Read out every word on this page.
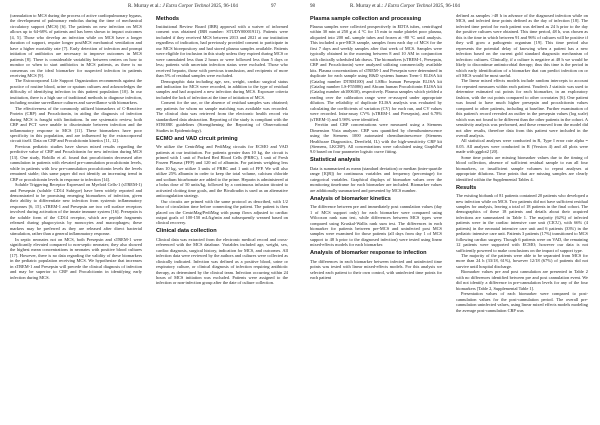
R. Murray et al.: J Extra Corpor Technol 2025, 96-104	97

(cannulation to MCS during the process of active cardiopulmonary bypass, the development of pulmonary embolus during the time of mechanical circulatory support (MCS) [6]. The patients on new infection on MCS allows up to 64-68% of patients and has been shown to impact outcomes [4, 5]. Those who develop an infection while on MCS have a longer duration of support, require longer postMCS mechanical ventilation and have a higher mortality rate [7]. Early detection of infection and prompt initiation of antibiotics are necessary to improve outcomes in MCS patients [8]. There is considerable variability between centers on how to monitor or when to start antibiotics in MCS patients, as there is no consensus on the ideal biomarker for suspected infection in patients receiving MCS [9].

The Extracorporeal Life Support Organization recommends against the practice of routine blood, urine or sputum cultures and acknowledges the difficulty of identifying infection in this patient population [10]. In our institution, there is a high use of traditional methods to diagnose infection, including routine surveillance cultures and surveillance with biomarkers.

The effectiveness of the commonly utilized biomarkers of C-Reactive Protein (CRP) and Procalcitonin, in aiding the diagnosis of infection during MCS is fraught with limitations. In one systematic review, both CRP and PCT were unable to discriminate between infection and the inflammatory response to MCS [11]. These biomarkers have poor specificity in this population, and are influenced by the extracorporeal circuit itself. Data on CRP and Procalcitonin kinetics [11, 12].

Previous pediatric studies have shown mixed results regarding the predictive value of CRP and Procalcitonin for new infection during MCS [13]. One study, Bobillo et al. found that procalcitonin decreased after cannulation in patients with elevated pre-cannulation procalcitonin levels, while in patients with low pre-cannulation procalcitonin levels the levels remained stable; this same paper did not identify an increasing trend in CRP or procalcitonin levels in response to infection [14].

Soluble Triggering Receptor Expressed on Myeloid Cells-1 (sTREM-1) and Presepsin (soluble CD14 Subtype) have been widely reported and demonstrated to be promising emerging biomarkers of infection, given their ability to differentiate new infection from systemic inflammatory responses [6, 15]. sTREM-1 and Presepsin are two cell surface receptors involved during activation of the innate immune system [16]. Presepsin is the soluble form of the CD14 receptor, which are peptide fragments released during phagocytosis by monocytes and macrophages; these markers may be preferred as they are released after direct bacterial stimulation, rather than a general inflammatory response.

In septic neonates not on MCS, both Presepsin and sTREM-1 were significantly elevated compared to non-septic neonates; they also showed the highest mean concentrations in neonates with positive blood cultures [17]. However, there is no data regarding the validity of these biomarkers in the pediatric population receiving MCS. We hypothesize that increases in sTREM-1 and Presepsin will precede the clinical diagnosis of infection and may be superior to CRP and Procalcitonin in identifying early infection during MCS.

Methods

Institutional Review Board (IRB) approval with a waiver of informed consent was obtained (IRB number: STUDY00001911). Patients were included if they received MCS between 2013 and 2021 at our institution regardless of indication, had previously provided consent to participate in our MCS biorepository and had stored plasma samples available. Patients were eligible for inclusion in this study unless they expired during MCS or were cannulated less than 2 hours or were followed less than 5 days or less; patients with uncertain infection status were excluded. Those who received heparin, those with previous transfusion, and recipients of more than 5% of residual samples were excluded.

Demographic data including age, sex, weight, cardiac surgical status and indication for MCS were recorded, in addition to the type of residual samples and had acquired a new infection during MCS. Exposure criteria included the lack of infection at the time of initiation of MCS.

Consent for the use, or the absence of residual samples was obtained; any patients for whom no sample matching was available was recorded. The clinical data was retrieved from the electronic health record via standardized data abstraction. Reporting of the study is compliant with the STROBE guidelines (Strengthening the Reporting of Observational Studies in Epidemiology).

ECMO and VAD circuit priming

We utilize the CentriMag and PediMag circuits for ECMO and VAD patients at our institution. For patients greater than 10 kg, the circuit is primed with 1 unit of Packed Red Blood Cells (PRBC), 1 unit of Fresh Frozen Plasma (FFP) and 120 ml of albumin. For patients weighing less than 10 kg, we utilize 3 units of PRBC and 1 unit of FFP. We will also utilize 25% albumin in order to keep the total volume, calcium chloride and sodium bicarbonate are added to the prime. Heparin is administered at a bolus dose of 50 units/kg, followed by a continuous infusion titrated to activated clotting time goals, and the Bivalirudin is used as an alternative anticoagulation strategy.

Our circuits are primed with the same protocol as described, with 1/2 hour of circulation time before connecting the patient. The patient is then placed on the CentriMag/PediMag with pump flows adjusted to cardiac output goals of 100-150 mL/kg/min and subsequently weaned based on clinical recovery.

Clinical data collection

Clinical data was extracted from the electronic medical record and cross-referenced with the MCS database. Variables included age, weight, sex, cardiac diagnosis, surgical history, indication for MCS, and outcomes. All infection data were reviewed by the authors and cultures were collected as clinically indicated. Infection was defined as a positive blood, urine or respiratory culture, or clinical diagnosis of infection requiring antibiotic therapy, as determined by the clinical team. Infection occurring within 24 hours of MCS initiation was excluded. Patients were assigned to the infection or non-infection group after the date of culture collection.

98	R. Murray et al.: J Extra Corpor Technol 2025, 96-104
Plasma sample collection and processing

Plasma samples were collected prospectively in EDTA tubes, centrifuged within 30 min at 250 g at 4 °C for 15 min to make platelet poor plasma, aliquoted into 200 mL sample tubes and frozen at -80 °C until analysis. This included a pre-MCS sample, samples from each day of MCS for the first 7 days and weekly samples after that week of MCS. Samples were typically obtained in the morning between 8 and 10 AM in conjunction with clinically scheduled lab draws. The biomarkers (sTREM-1, Presepsin, CRP and Procalcitonin) were analyzed utilizing commercially available kits. Plasma concentrations of sTREM-1 and Presepsin were determined in duplicate for each sample using R&D systems human Trem-1 ELISA kit (Catalog number DTRM100) and LSBio human Presepsin ELISA kit (Catalog number LS-F55086) and Abcam human Procalcitonin ELISA kit (Catalog number ab100630), respectively. Plasma samples which yielded a reading over the calibration range were re-assayed under appropriate dilution. The reliability of duplicate ELISA analysis was evaluated by calculating the coefficients of variation (CV) for each run, and CV values were recorded. Intra-assay CV% (sTREM-1 and Presepsin), and 6.78% (sTREM-1) and 5.98% were identified.

Ferritin and CRP concentrations were measured using a Siemens Dimension Vista analyzer. CRP was quantified by chemiluminescence using the Siemens 1000 automated chemiluminescence (Siemens Healthcare Diagnostics, Deerfield, IL) with the high-sensitivity CRP kit (Siemens, LKCRP). All concentrations were calculated using GraphPad 9.0 based on four parameter logistic curve fitting.

Statistical analysis

Data is summarized as mean (standard deviation) or median (inter-quartile range [IQR]) for continuous variables and frequency (percentage) for categorical variables. Graphical displays of biomarker values over the monitoring timeframe for each biomarker are included. Biomarker values are additionally summarized and presented by MCS number.

Analysis of biomarker kinetics

The difference between pre and immediately post cannulation values (day 1 of MCS support only) for each biomarker were compared using Wilcoxon rank sum test, while differences between MCS types were compared using Kruskal-Wallis rank sum test. The differences in each biomarker for patients between pre-MCS and uninfected post MCS samples were examined for those patients (all days from day 1 of MCS support to 48 h prior to the diagnosed infection) were tested using linear mixed-effects models for each biomarker.

Analysis of biomarker response to infection

The differences in each biomarker between infected and uninfected time points was tested with linear mixed-effects models. For this analysis we selected each patient to their own control, with uninfected time points for each patient

defined as samples >48 h in advance of the diagnosed infection while on MCS, and infected time points defined as the day of infection [18]. The infected time period for each patient was defined as 24 h prior to the day the positive cultures were obtained. This time period, 48 h, was chosen as this is the time in which between 91 and 96% of cultures will be positive if they will grow a pathogenic organism [19]. This time period also represents the potential delay of knowing when a patient has a new infection based on the current gold standard diagnostic mechanism of infection: cultures. Clinically, if a culture is negative at 48 h we would be likely to discontinue antimicrobial therapy; thus this time is the period in which early identification of a biomarker that can predict infection on or off MCS would be most useful.

The linear mixed effects models include random intercepts to account for repeated measures within each patient. Youden's J statistic was used to determine estimated cut points for each biomarker, in an exploratory fashion, with the cut points compared to other covariates [6]. One patient was found to have much higher presepsin and procalcitonin values compared to other patients, including at baseline. Further examination of this patient's record revealed an outlier in the presepsin values (log scale) which was not found to be different than the other patients in the cohort. A sensitivity analysis was performed, and these removed from the model did not alter results, therefore data from this patient were included in the overall analysis.

All statistical analyses were conducted in R, Type I error rate alpha = 0.05. All analyses were conducted in R (Version 4) and all plots were made with ggplot2 [20].

Some time points are missing biomarker values due to the timing of blood collection, absence of sufficient residual sample to run all four biomarkers, or insufficient sample volumes to repeat analyses at appropriate dilutions. Time points that are missing samples are clearly identified within the Supplemental Tables 4.

Results

The existing biobank of 81 patients contained 20 patients who developed a new infection while on MCS. Two patients did not have sufficient residual samples for analysis, leaving a total of 18 patients in the final cohort. The demographics of these 18 patients and details about their acquired infections are summarized in Table 1. The majority (62%) of infected patients were in the cardiac intensive care unit (CICU), with 66% (4 patients) in the neonatal intensive care unit and 6 patients (33%) in the pediatric intensive care unit. Patients 3 patients (17%) transitioned to MCS following cardiac surgery. Though 6 patients were on VAD, the remaining 12 patients were supported with ECMO; however our data is not sufficiently powered to make conclusions on the impact of support type.

The majority of the patients were able to be separated from MCS for more than 24 h (33/18, 61%), however 12/18 (67%) of patients did not survive until hospital discharge.

Biomarker values pre and post cannulation are presented in Table 2 with no differences identified between pre and post cannulation event. We did not identify a difference in pre-cannulation levels for any of the four biomarkers [Table 2, Supplemental Table 1].

Presentation values of each biomarker were compared to post-cannulation values for the post-cannulation period. The overall pre-cannulation uninfected values, using linear mixed effects models modeling the average post-cannulation CRP was
